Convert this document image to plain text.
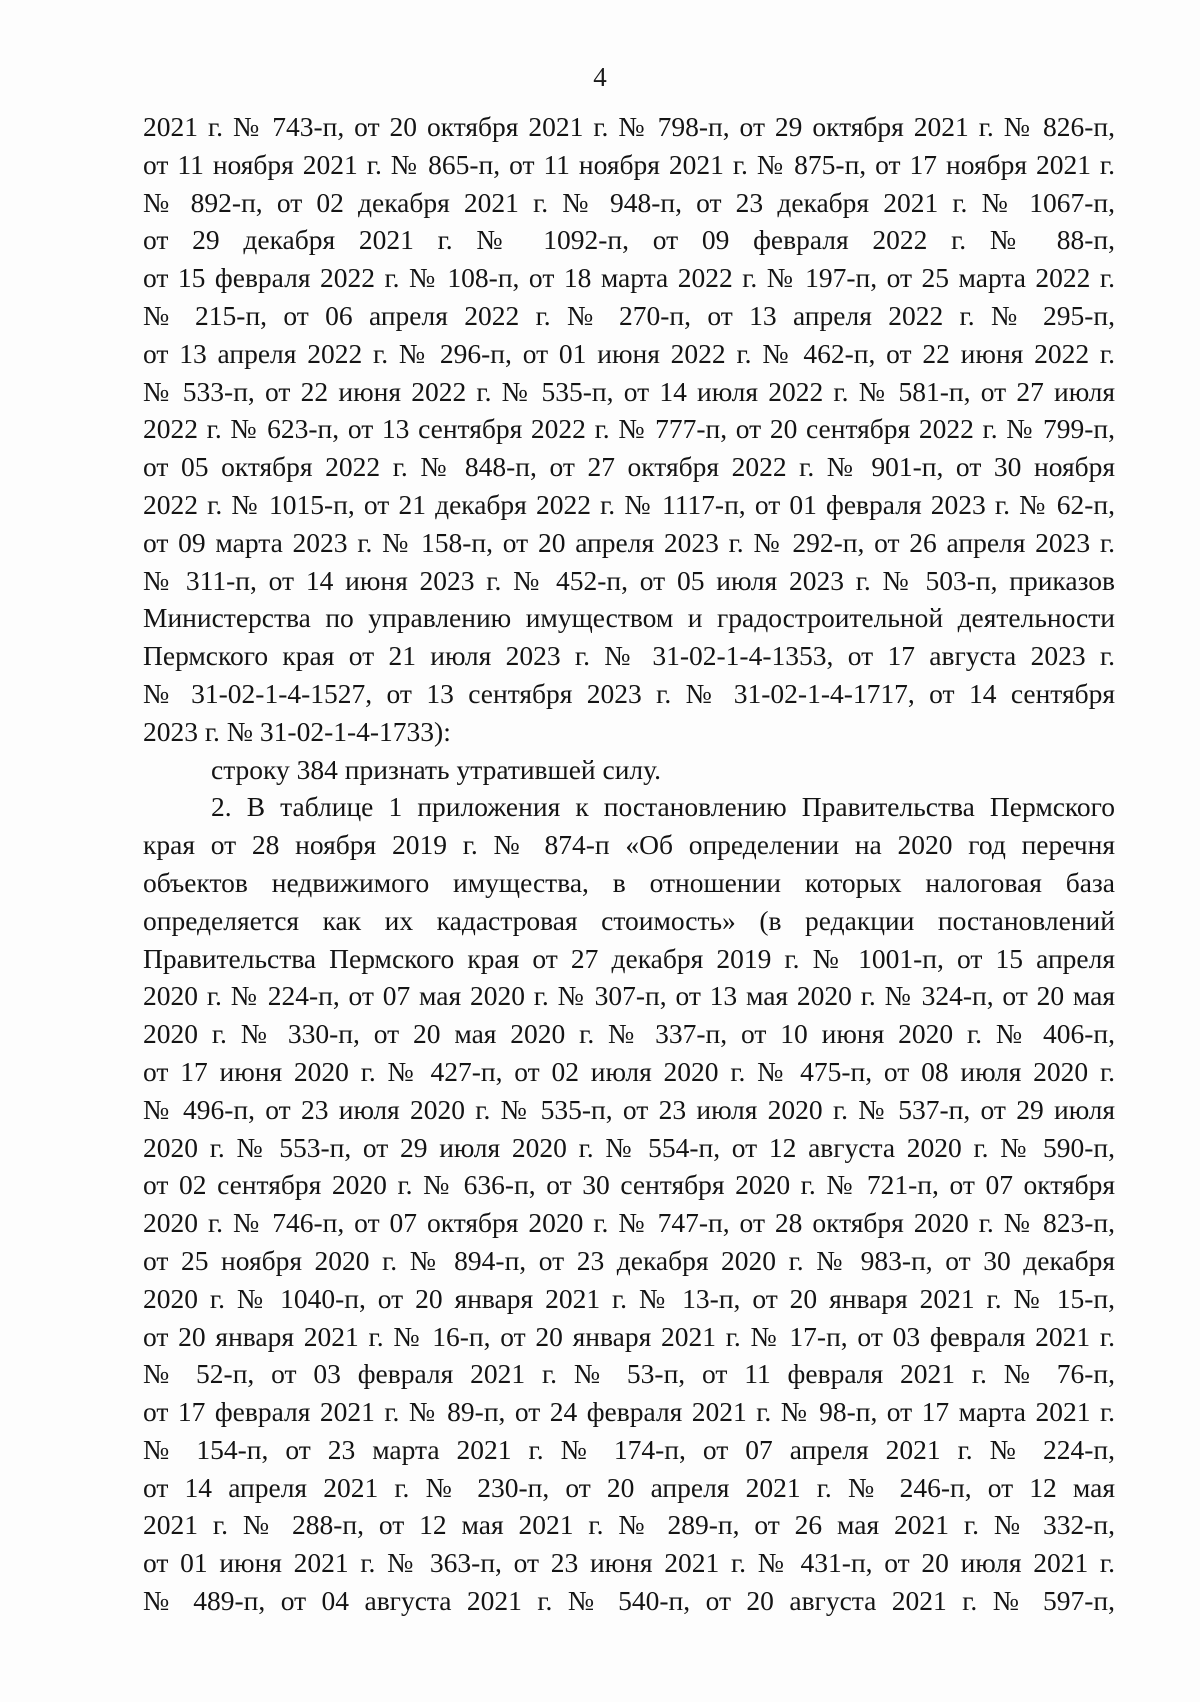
4
2021 г. № 743-п, от 20 октября 2021 г. № 798-п, от 29 октября 2021 г. № 826-п,
от 11 ноября 2021 г. № 865-п, от 11 ноября 2021 г. № 875-п, от 17 ноября 2021 г.
№ 892-п, от 02 декабря 2021 г. № 948-п, от 23 декабря 2021 г. № 1067-п,
от 29 декабря 2021 г. № 1092-п, от 09 февраля 2022 г. № 88-п,
от 15 февраля 2022 г. № 108-п, от 18 марта 2022 г. № 197-п, от 25 марта 2022 г.
№ 215-п, от 06 апреля 2022 г. № 270-п, от 13 апреля 2022 г. № 295-п,
от 13 апреля 2022 г. № 296-п, от 01 июня 2022 г. № 462-п, от 22 июня 2022 г.
№ 533-п, от 22 июня 2022 г. № 535-п, от 14 июля 2022 г. № 581-п, от 27 июля
2022 г. № 623-п, от 13 сентября 2022 г. № 777-п, от 20 сентября 2022 г. № 799-п,
от 05 октября 2022 г. № 848-п, от 27 октября 2022 г. № 901-п, от 30 ноября
2022 г. № 1015-п, от 21 декабря 2022 г. № 1117-п, от 01 февраля 2023 г. № 62-п,
от 09 марта 2023 г. № 158-п, от 20 апреля 2023 г. № 292-п, от 26 апреля 2023 г.
№ 311-п, от 14 июня 2023 г. № 452-п, от 05 июля 2023 г. № 503-п, приказов
Министерства по управлению имуществом и градостроительной деятельности
Пермского края от 21 июля 2023 г. № 31-02-1-4-1353, от 17 августа 2023 г.
№ 31-02-1-4-1527, от 13 сентября 2023 г. № 31-02-1-4-1717, от 14 сентября
2023 г. № 31-02-1-4-1733):
строку 384 признать утратившей силу.
2. В таблице 1 приложения к постановлению Правительства Пермского
края от 28 ноября 2019 г. № 874-п «Об определении на 2020 год перечня
объектов недвижимого имущества, в отношении которых налоговая база
определяется как их кадастровая стоимость» (в редакции постановлений
Правительства Пермского края от 27 декабря 2019 г. № 1001-п, от 15 апреля
2020 г. № 224-п, от 07 мая 2020 г. № 307-п, от 13 мая 2020 г. № 324-п, от 20 мая
2020 г. № 330-п, от 20 мая 2020 г. № 337-п, от 10 июня 2020 г. № 406-п,
от 17 июня 2020 г. № 427-п, от 02 июля 2020 г. № 475-п, от 08 июля 2020 г.
№ 496-п, от 23 июля 2020 г. № 535-п, от 23 июля 2020 г. № 537-п, от 29 июля
2020 г. № 553-п, от 29 июля 2020 г. № 554-п, от 12 августа 2020 г. № 590-п,
от 02 сентября 2020 г. № 636-п, от 30 сентября 2020 г. № 721-п, от 07 октября
2020 г. № 746-п, от 07 октября 2020 г. № 747-п, от 28 октября 2020 г. № 823-п,
от 25 ноября 2020 г. № 894-п, от 23 декабря 2020 г. № 983-п, от 30 декабря
2020 г. № 1040-п, от 20 января 2021 г. № 13-п, от 20 января 2021 г. № 15-п,
от 20 января 2021 г. № 16-п, от 20 января 2021 г. № 17-п, от 03 февраля 2021 г.
№ 52-п, от 03 февраля 2021 г. № 53-п, от 11 февраля 2021 г. № 76-п,
от 17 февраля 2021 г. № 89-п, от 24 февраля 2021 г. № 98-п, от 17 марта 2021 г.
№ 154-п, от 23 марта 2021 г. № 174-п, от 07 апреля 2021 г. № 224-п,
от 14 апреля 2021 г. № 230-п, от 20 апреля 2021 г. № 246-п, от 12 мая
2021 г. № 288-п, от 12 мая 2021 г. № 289-п, от 26 мая 2021 г. № 332-п,
от 01 июня 2021 г. № 363-п, от 23 июня 2021 г. № 431-п, от 20 июля 2021 г.
№ 489-п, от 04 августа 2021 г. № 540-п, от 20 августа 2021 г. № 597-п,
